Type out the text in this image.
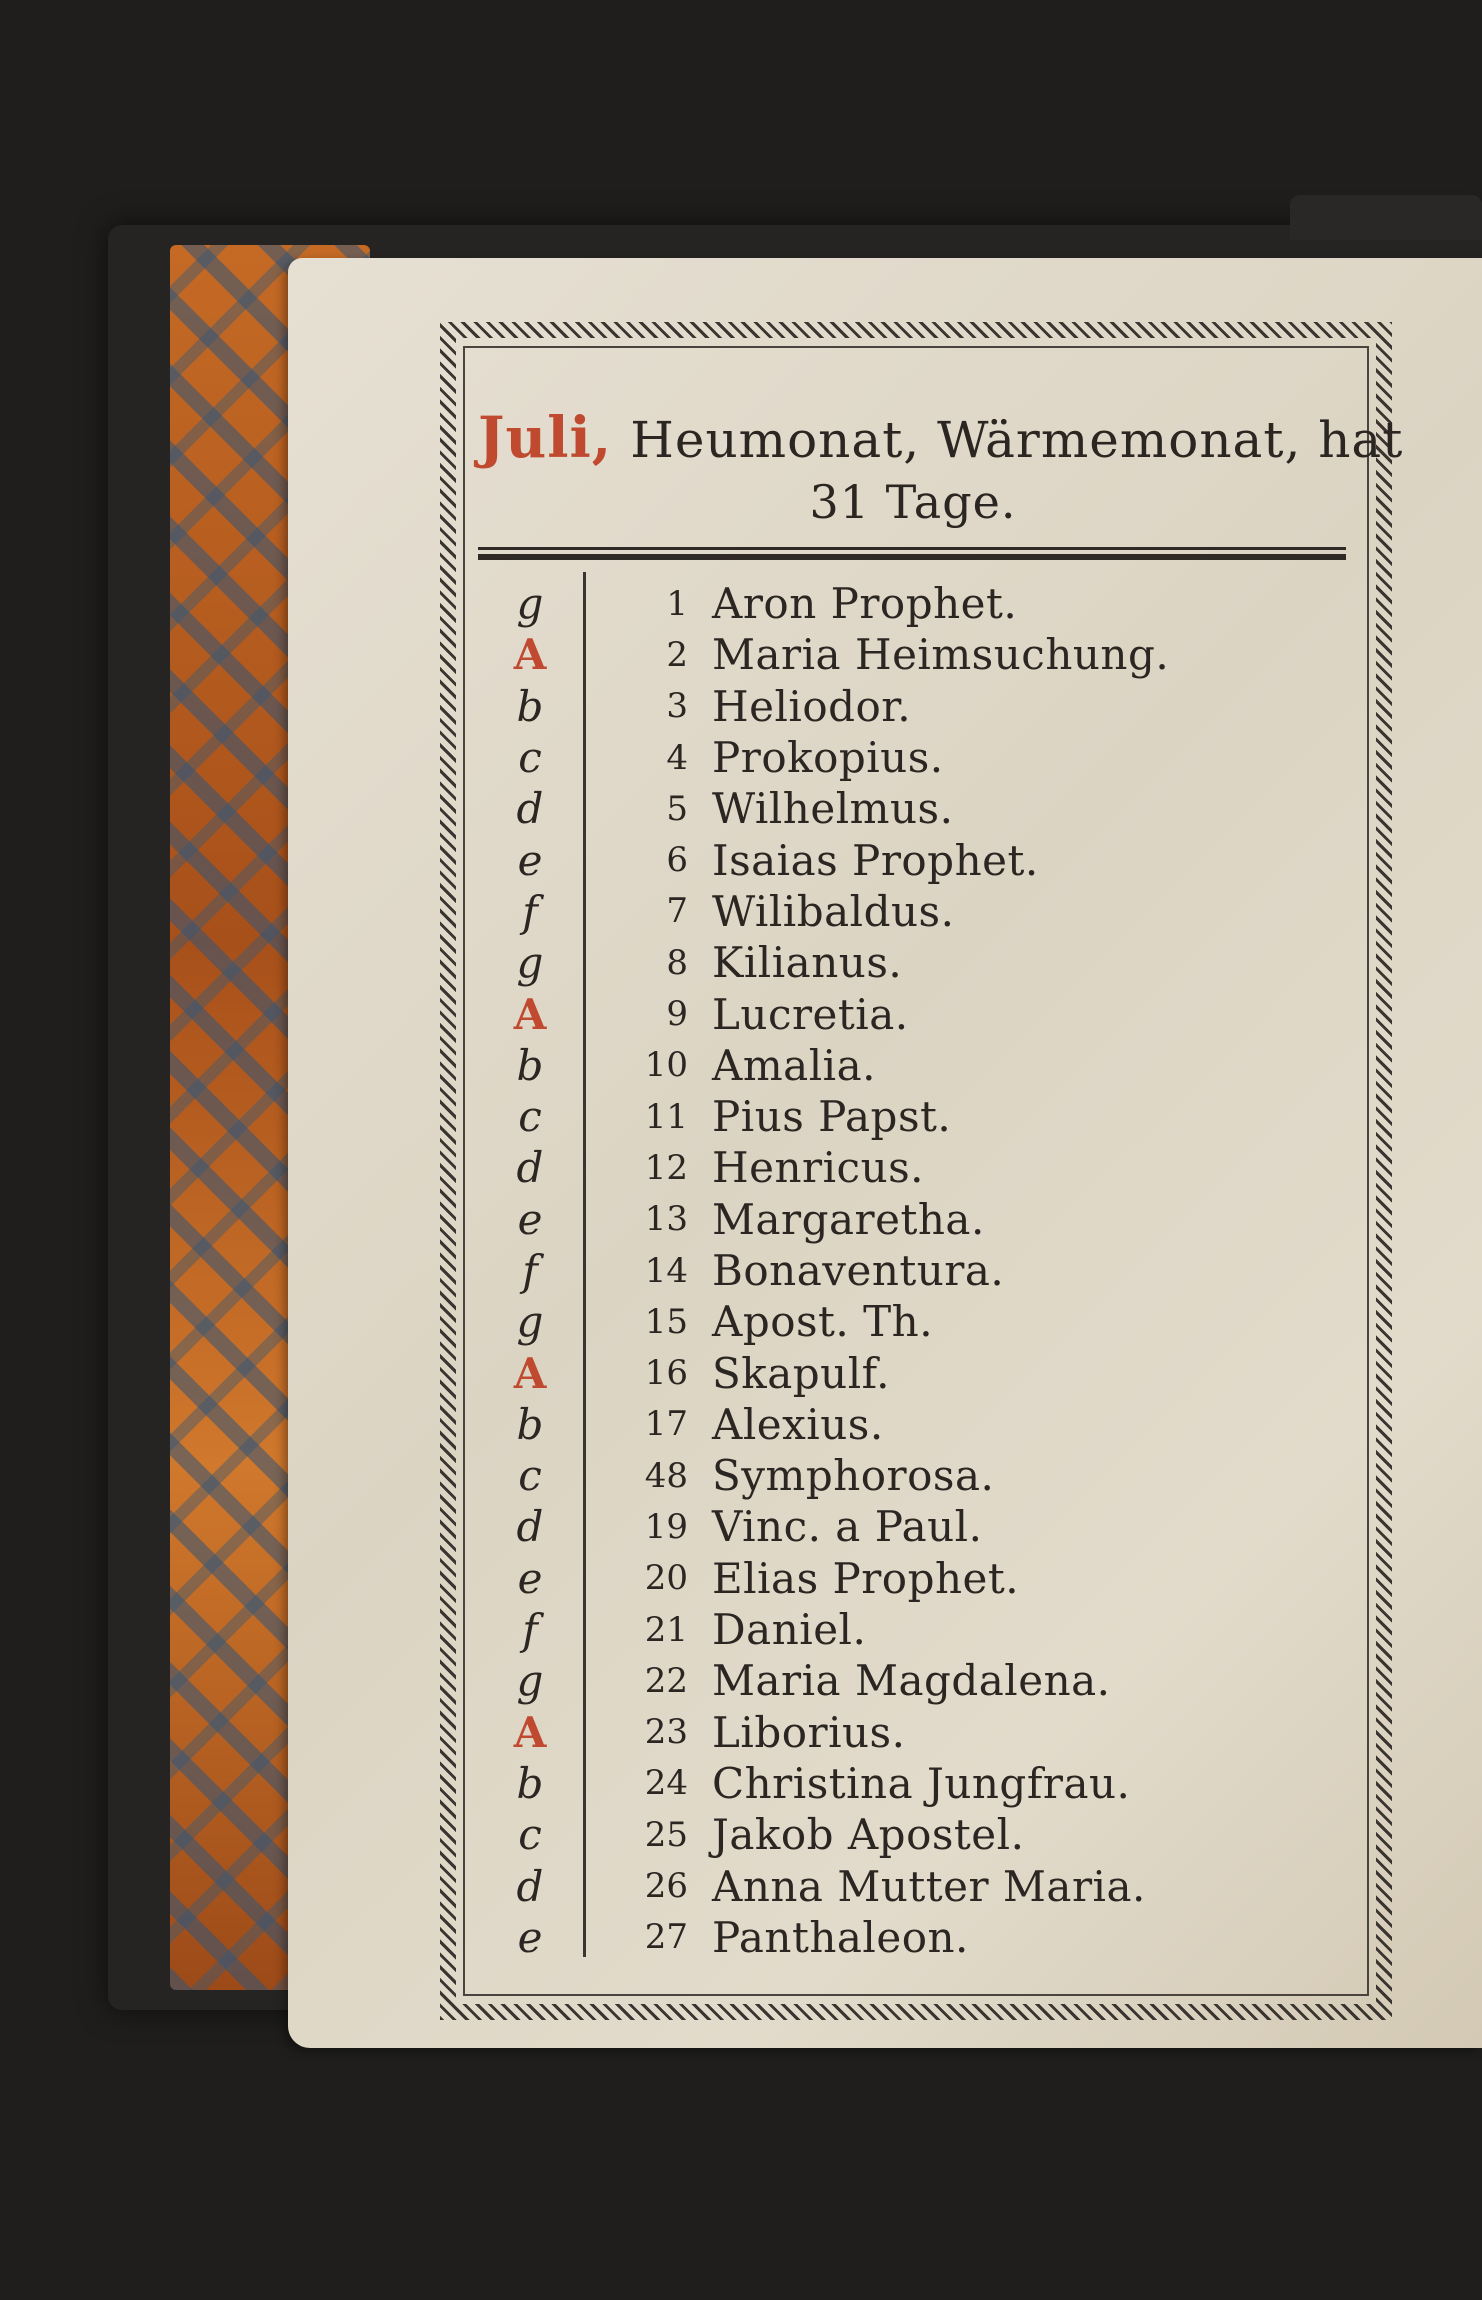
Juli, Heumonat, Wärmemonat, hat
31 Tage.
g	1 Aron Prophet.
A	2 Maria Heimsuchung.
b	3 Heliodor.
c	4 Prokopius.
d	5 Wilhelmus.
e	6 Isaias Prophet.
f	7 Wilibaldus.
g	8 Kilianus.
A	9 Lucretia.
b	10 Amalia.
c	11 Pius Papst.
d	12 Henricus.
e	13 Margaretha.
f	14 Bonaventura.
g	15 Apost. Th.
A	16 Skapulf.
b	17 Alexius.
c	48 Symphorosa.
d	19 Vinc. a Paul.
e	20 Elias Prophet.
f	21 Daniel.
g	22 Maria Magdalena.
A	23 Liborius.
b	24 Christina Jungfrau.
c	25 Jakob Apostel.
d	26 Anna Mutter Maria.
e	27 Panthaleon.
